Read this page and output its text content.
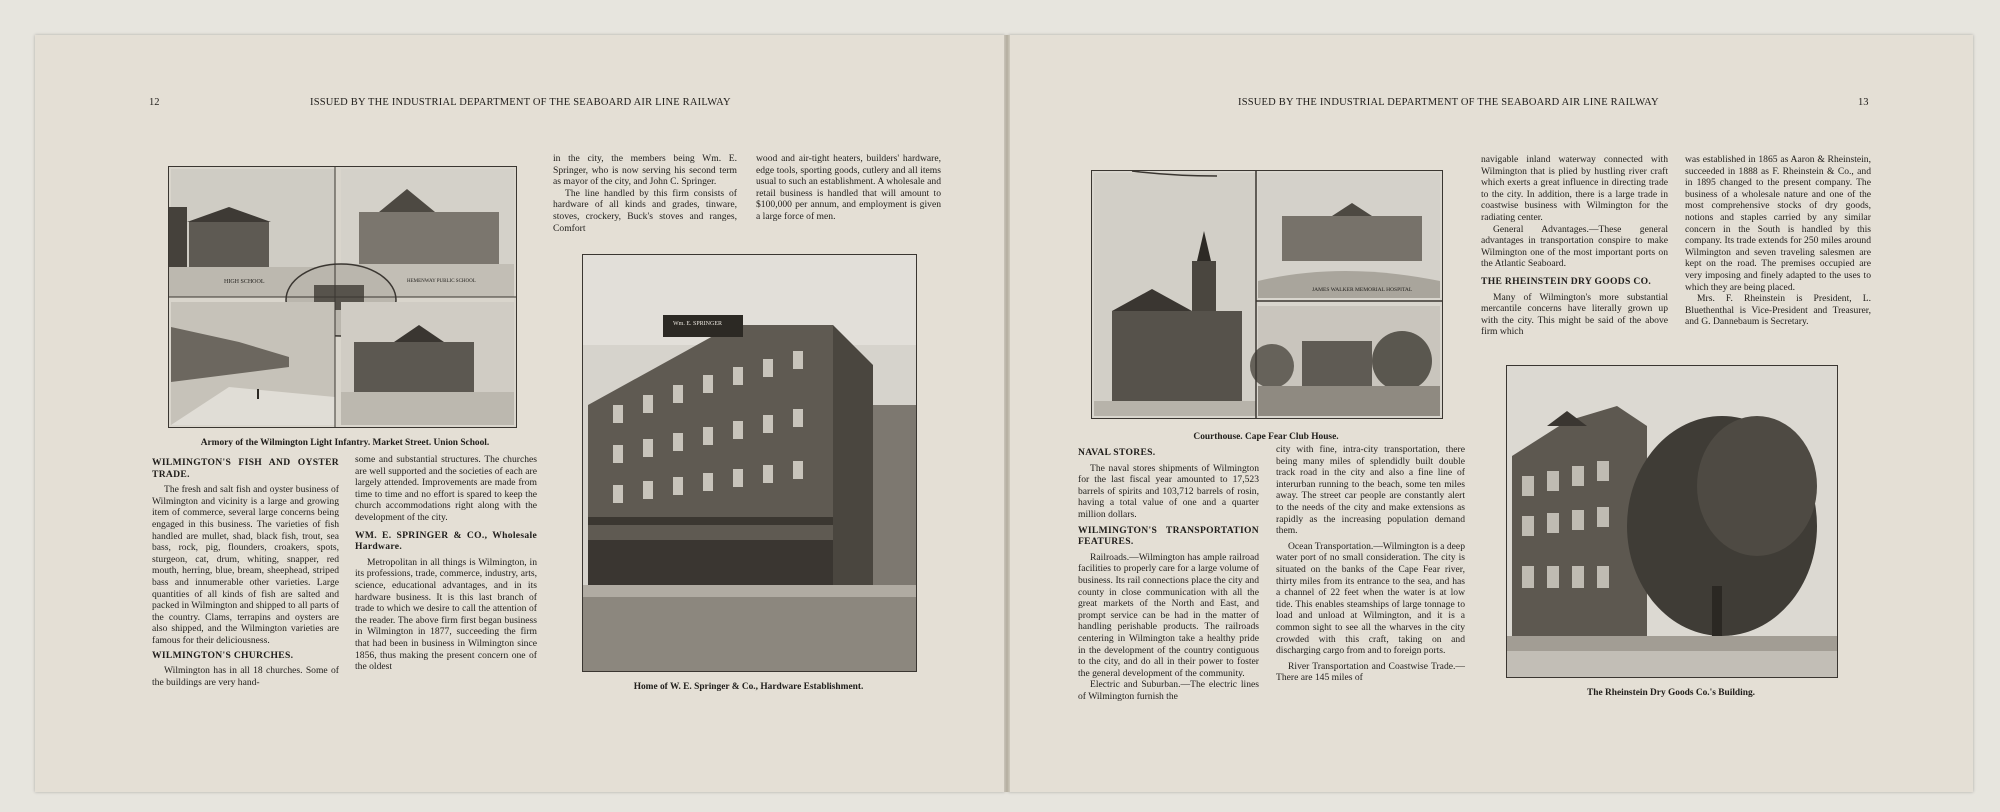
12	ISSUED BY THE INDUSTRIAL DEPARTMENT OF THE SEABOARD AIR LINE RAILWAY
HIGH SCHOOL	HEMENWAY PUBLIC SCHOOL
Armory of the Wilmington Light Infantry. Market Street. Union School.
WILMINGTON'S FISH AND OYSTER TRADE.

The fresh and salt fish and oyster business of Wilmington and vicinity is a large and growing item of commerce, several large concerns being engaged in this business. The varieties of fish handled are mullet, shad, black fish, trout, sea bass, rock, pig, flounders, croakers, spots, sturgeon, cat, drum, whiting, snapper, red mouth, herring, blue, bream, sheephead, striped bass and innumerable other varieties. Large quantities of all kinds of fish are salted and packed in Wilmington and shipped to all parts of the country. Clams, terrapins and oysters are also shipped, and the Wilmington varieties are famous for their deliciousness.

WILMINGTON'S CHURCHES.

Wilmington has in all 18 churches. Some of the buildings are very hand-

some and substantial structures. The churches are well supported and the societies of each are largely attended. Improvements are made from time to time and no effort is spared to keep the church accommodations right along with the development of the city.

WM. E. SPRINGER & CO., Wholesale Hardware.

Metropolitan in all things is Wilmington, in its professions, trade, commerce, industry, arts, science, educational advantages, and in its hardware business. It is this last branch of trade to which we desire to call the attention of the reader. The above firm first began business in Wilmington in 1877, succeeding the firm that had been in business in Wilmington since 1856, thus making the present concern one of the oldest

in the city, the members being Wm. E. Springer, who is now serving his second term as mayor of the city, and John C. Springer.

The line handled by this firm consists of hardware of all kinds and grades, tinware, stoves, crockery, Buck's stoves and ranges, Comfort

wood and air-tight heaters, builders' hardware, edge tools, sporting goods, cutlery and all items usual to such an establishment. A wholesale and retail business is handled that will amount to $100,000 per annum, and employment is given a large force of men.

Wm. E. SPRINGER
Home of W. E. Springer & Co., Hardware Establishment.
ISSUED BY THE INDUSTRIAL DEPARTMENT OF THE SEABOARD AIR LINE RAILWAY	13
JAMES WALKER MEMORIAL HOSPITAL
Courthouse. Cape Fear Club House.
NAVAL STORES.

The naval stores shipments of Wilmington for the last fiscal year amounted to 17,523 barrels of spirits and 103,712 barrels of rosin, having a total value of one and a quarter million dollars.

WILMINGTON'S TRANSPORTATION FEATURES.

Railroads.—Wilmington has ample railroad facilities to properly care for a large volume of business. Its rail connections place the city and county in close communication with all the great markets of the North and East, and prompt service can be had in the matter of handling perishable products. The railroads centering in Wilmington take a healthy pride in the development of the country contiguous to the city, and do all in their power to foster the general development of the community.

Electric and Suburban.—The electric lines of Wilmington furnish the

city with fine, intra-city transportation, there being many miles of splendidly built double track road in the city and also a fine line of interurban running to the beach, some ten miles away. The street car people are constantly alert to the needs of the city and make extensions as rapidly as the increasing population demand them.

Ocean Transportation.—Wilmington is a deep water port of no small consideration. The city is situated on the banks of the Cape Fear river, thirty miles from its entrance to the sea, and has a channel of 22 feet when the water is at low tide. This enables steamships of large tonnage to load and unload at Wilmington, and it is a common sight to see all the wharves in the city crowded with this craft, taking on and discharging cargo from and to foreign ports.

River Transportation and Coastwise Trade.—There are 145 miles of

navigable inland waterway connected with Wilmington that is plied by hustling river craft which exerts a great influence in directing trade to the city. In addition, there is a large trade in coastwise business with Wilmington for the radiating center.

General Advantages.—These general advantages in transportation conspire to make Wilmington one of the most important ports on the Atlantic Seaboard.

THE RHEINSTEIN DRY GOODS CO.

Many of Wilmington's more substantial mercantile concerns have literally grown up with the city. This might be said of the above firm which

was established in 1865 as Aaron & Rheinstein, succeeded in 1888 as F. Rheinstein & Co., and in 1895 changed to the present company. The business of a wholesale nature and one of the most comprehensive stocks of dry goods, notions and staples carried by any similar concern in the South is handled by this company. Its trade extends for 250 miles around Wilmington and seven traveling salesmen are kept on the road. The premises occupied are very imposing and finely adapted to the uses to which they are being placed.

Mrs. F. Rheinstein is President, L. Bluethenthal is Vice-President and Treasurer, and G. Dannebaum is Secretary.

The Rheinstein Dry Goods Co.'s Building.
